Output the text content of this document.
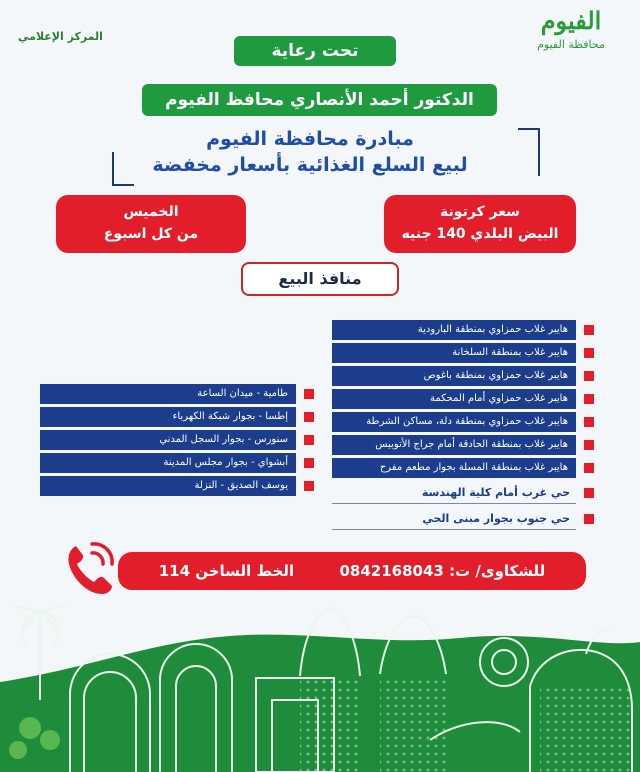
الفيوم
محافظة الفيوم
المركز الإعلامي
تحت رعاية
الدكتور أحمد الأنصاري محافظ الفيوم
مبادرة محافظة الفيوم
لبيع السلع الغذائية بأسعار مخفضة
سعر كرتونة
البيض البلدي 140 جنيه
الخميس
من كل اسبوع
منافذ البيع
هايبر غلاب حمزاوي بمنطقة البارودية
هايبر غلاب بمنطقة السلخانة
هايبر غلاب حمزاوي بمنطقة باغوص
هايبر غلاب حمزاوي أمام المحكمة
هايبر غلاب حمزاوي بمنطقة دلة، مساكن الشرطة
هايبر غلاب بمنطقة الحادقة أمام جراج الأتوبيس
هايبر غلاب بمنطقة المسلة بجوار مطعم مفرح
حي غرب أمام كلية الهندسة
حي جنوب بجوار مبنى الحي
طامية - ميدان الساعة
إطسا - بجوار شبكة الكهرباء
سنورس - بجوار السجل المدني
أبشواي - بجوار مجلس المدينة
يوسف الصديق - النزلة
للشكاوى/ ت: 0842168043
الخط الساخن 114
